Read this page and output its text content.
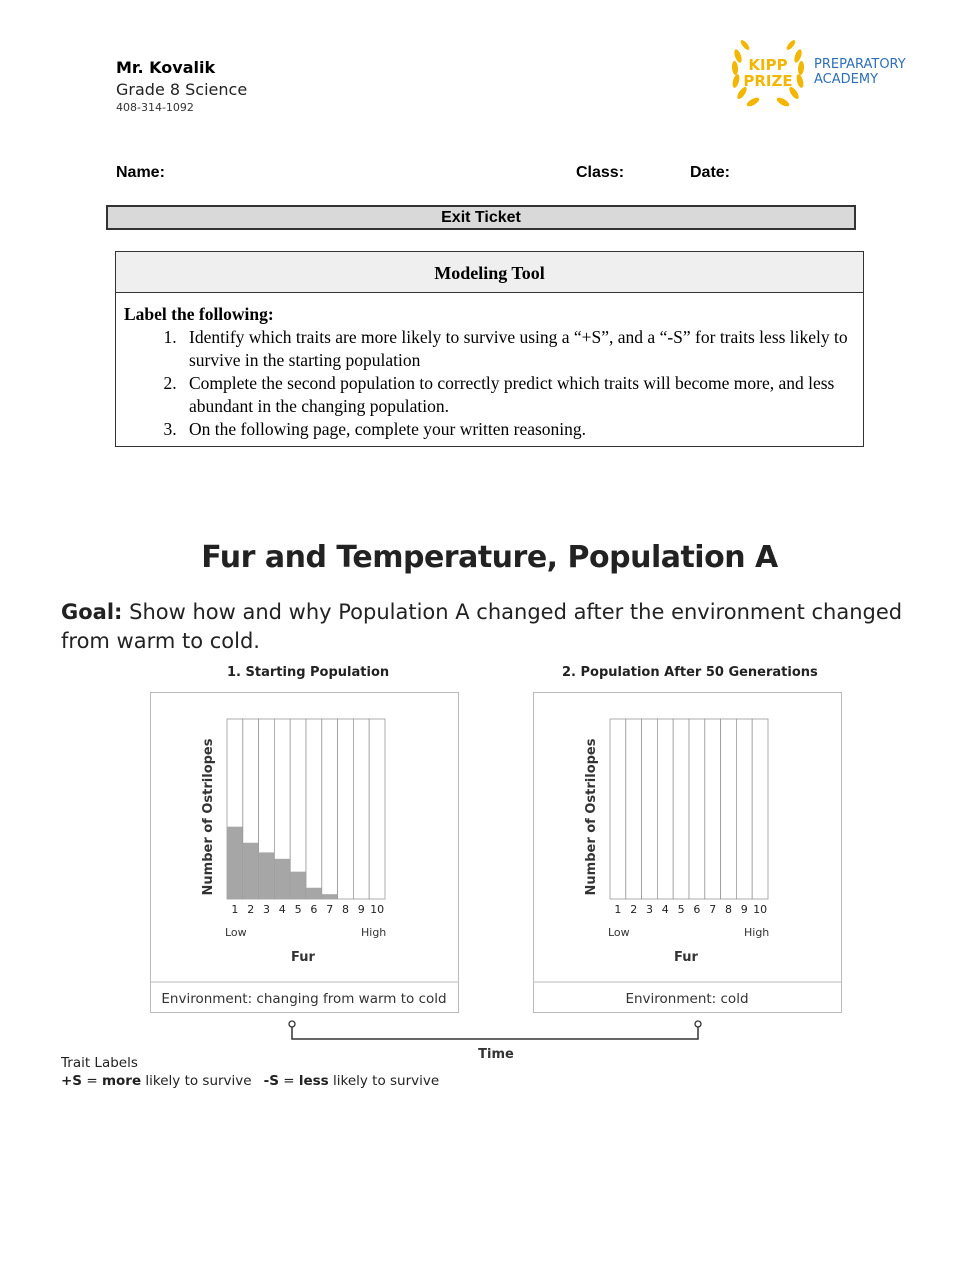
Mr. Kovalik
Grade 8 Science
408-314-1092
KIPP
PRIZE
PREPARATORY
ACADEMY
Name:	Class:	Date:
Exit Ticket
Modeling Tool
Label the following:
1. Identify which traits are more likely to survive using a “+S”, and a “-S” for traits less likely to survive in the starting population
2. Complete the second population to correctly predict which traits will become more, and less abundant in the changing population.
3. On the following page, complete your written reasoning.
Fur and Temperature, Population A
Goal: Show how and why Population A changed after the environment changed from warm to cold.
1. Starting Population	2. Population After 50 Generations
1 2 3 4 5 6 7 8 9 10
Number of Ostrilopes
Low	High
Fur
Environment: changing from warm to cold
1 2 3 4 5 6 7 8 9 10
Number of Ostrilopes
Low	High
Fur
Environment: cold
Time
Trait Labels
+S = more likely to survive -S = less likely to survive
